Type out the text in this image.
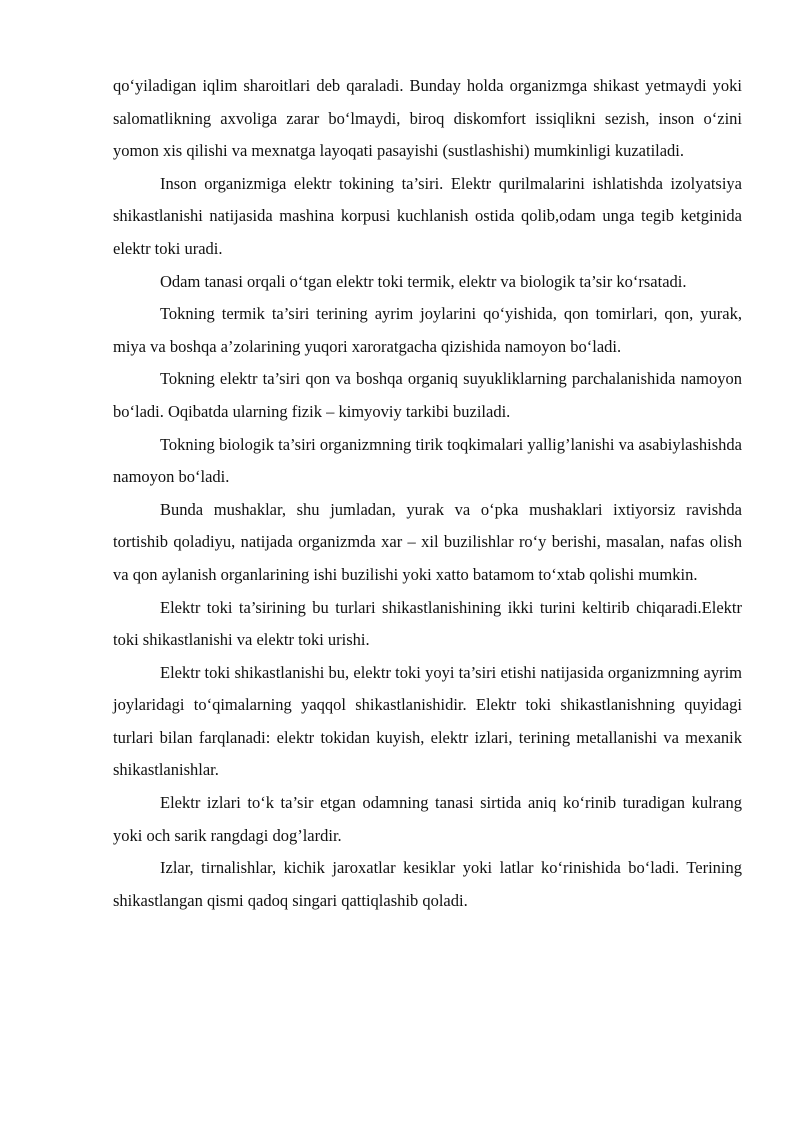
qo‘yiladigan iqlim sharoitlari deb qaraladi. Bunday holda organizmga shikast yetmaydi yoki salomatlikning axvoliga zarar bo‘lmaydi, biroq diskomfort issiqlikni sezish, inson o‘zini yomon xis qilishi va mexnatga layoqati pasayishi (sustlashishi) mumkinligi kuzatiladi.

Inson organizmiga elektr tokining ta’siri. Elektr qurilmalarini ishlatishda izolyatsiya shikastlanishi natijasida mashina korpusi kuchlanish ostida qolib,odam unga tegib ketginida elektr toki uradi.

Odam tanasi orqali o‘tgan elektr toki termik, elektr va biologik ta’sir ko‘rsatadi.

Tokning termik ta’siri terining ayrim joylarini qo‘yishida, qon tomirlari, qon, yurak, miya va boshqa a’zolarining yuqori xaroratgacha qizishida namoyon bo‘ladi.

Tokning elektr ta’siri qon va boshqa organiq suyukliklarning parchalanishida namoyon bo‘ladi. Oqibatda ularning fizik – kimyoviy tarkibi buziladi.

Tokning biologik ta’siri organizmning tirik toqkimalari yallig’lanishi va asabiylashishda namoyon bo‘ladi.

Bunda mushaklar, shu jumladan, yurak va o‘pka mushaklari ixtiyorsiz ravishda tortishib qoladiyu, natijada organizmda xar – xil buzilishlar ro‘y berishi, masalan, nafas olish va qon aylanish organlarining ishi buzilishi yoki xatto batamom to‘xtab qolishi mumkin.

Elektr toki ta’sirining bu turlari shikastlanishining ikki turini keltirib chiqaradi.Elektr toki shikastlanishi va elektr toki urishi.

Elektr toki shikastlanishi bu, elektr toki yoyi ta’siri etishi natijasida organizmning ayrim joylaridagi to‘qimalarning yaqqol shikastlanishidir. Elektr toki shikastlanishning quyidagi turlari bilan farqlanadi: elektr tokidan kuyish, elektr izlari, terining metallanishi va mexanik shikastlanishlar.

Elektr izlari to‘k ta’sir etgan odamning tanasi sirtida aniq ko‘rinib turadigan kulrang yoki och sarik rangdagi dog’lardir.

Izlar, tirnalishlar, kichik jaroxatlar kesiklar yoki latlar ko‘rinishida bo‘ladi. Terining shikastlangan qismi qadoq singari qattiqlashib qoladi.
